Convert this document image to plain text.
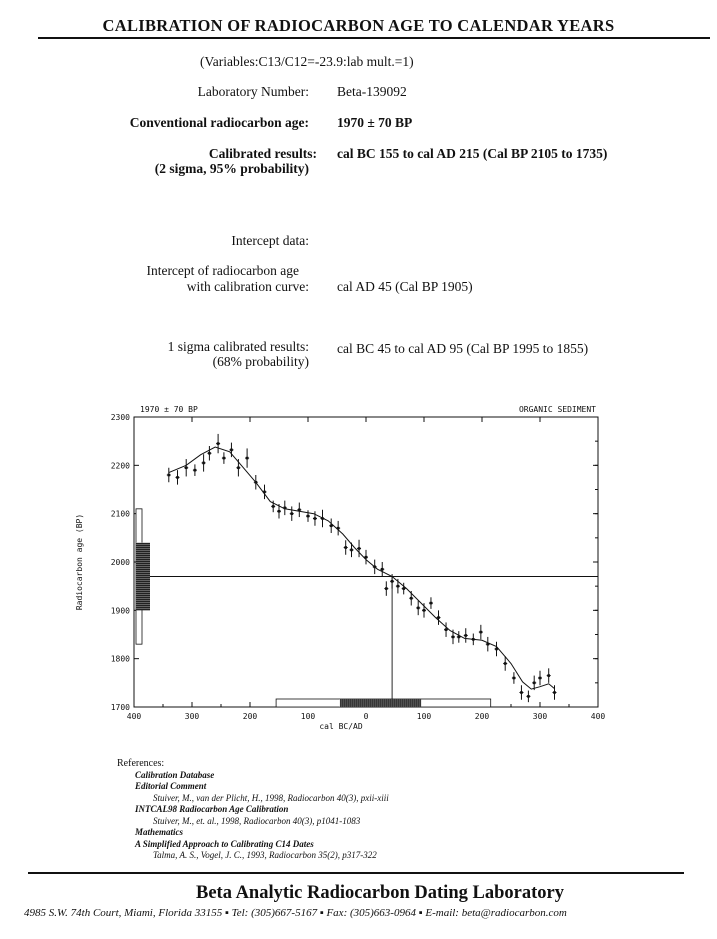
CALIBRATION OF RADIOCARBON AGE TO CALENDAR YEARS
(Variables:C13/C12=-23.9:lab mult.=1)
Laboratory Number: Beta-139092
Conventional radiocarbon age: 1970 ± 70 BP
Calibrated results:
(2 sigma, 95% probability)
cal BC 155 to cal AD 215 (Cal BP 2105 to 1735)
Intercept data:
Intercept of radiocarbon age
with calibration curve: cal AD 45 (Cal BP 1905)
1 sigma calibrated results:
(68% probability)
cal BC 45 to cal AD 95 (Cal BP 1995 to 1855)
1970 ± 70 BP	ORGANIC SEDIMENT
1700
1800
1900
2000
2100
2200
2300
400	300	200	100	0	100	200	300	400
cal BC/AD
Radiocarbon age (BP)
References:
Calibration Database
Editorial Comment
Stuiver, M., van der Plicht, H., 1998, Radiocarbon 40(3), pxii-xiii
INTCAL98 Radiocarbon Age Calibration
Stuiver, M., et. al., 1998, Radiocarbon 40(3), p1041-1083
Mathematics
A Simplified Approach to Calibrating C14 Dates
Talma, A. S., Vogel, J. C., 1993, Radiocarbon 35(2), p317-322
Beta Analytic Radiocarbon Dating Laboratory
4985 S.W. 74th Court, Miami, Florida 33155 ▪ Tel: (305)667-5167 ▪ Fax: (305)663-0964 ▪ E-mail: beta@radiocarbon.com
